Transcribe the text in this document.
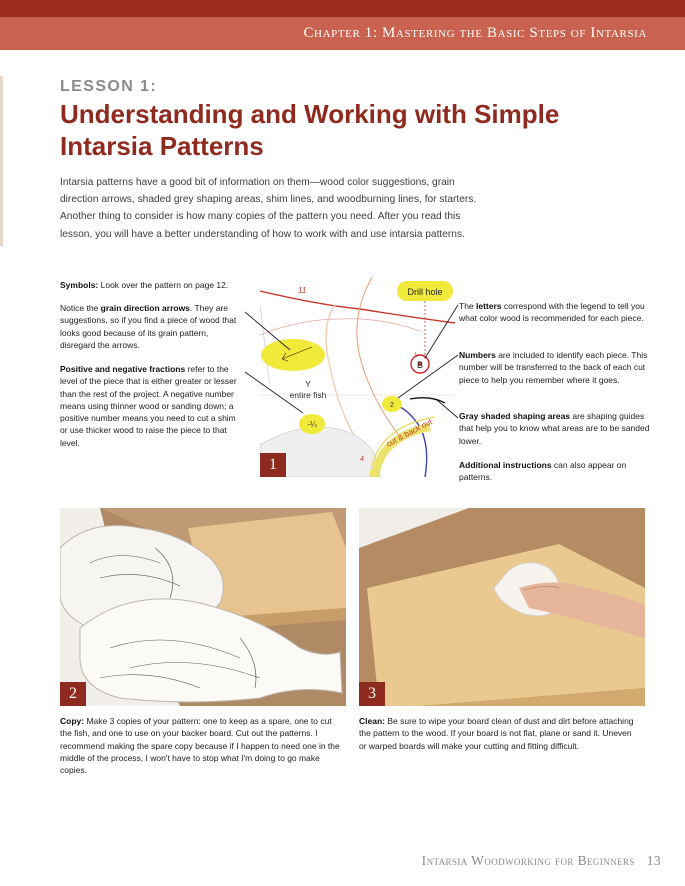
Chapter 1: Mastering the Basic Steps of Intarsia
LESSON 1:
Understanding and Working with Simple Intarsia Patterns
Intarsia patterns have a good bit of information on them—wood color suggestions, grain direction arrows, shaded grey shaping areas, shim lines, and woodburning lines, for starters. Another thing to consider is how many copies of the pattern you need. After you read this lesson, you will have a better understanding of how to work with and use intarsia patterns.
Symbols: Look over the pattern on page 12.
Notice the grain direction arrows. They are suggestions, so if you find a piece of wood that looks good because of its grain pattern, disregard the arrows.
Positive and negative fractions refer to the level of the piece that is either greater or lesser than the rest of the project. A negative number means using thinner wood or sanding down; a positive number means you need to cut a shim or use thicker wood to raise the piece to that level.
The letters correspond with the legend to tell you what color wood is recommended for each piece.
Numbers are included to identify each piece. This number will be transferred to the back of each cut piece to help you remember where it goes.
Gray shaded shaping areas are shaping guides that help you to know what areas are to be sanded lower.
Additional instructions can also appear on patterns.
Drill hole
11
Y
entire fish
-¼
B
1
2
4
cut & back out
1
2	3
Copy: Make 3 copies of your pattern: one to keep as a spare, one to cut the fish, and one to use on your backer board. Cut out the patterns. I recommend making the spare copy because if I happen to need one in the middle of the process, I won't have to stop what I'm doing to go make copies.
Clean: Be sure to wipe your board clean of dust and dirt before attaching the pattern to the wood. If your board is not flat, plane or sand it. Uneven or warped boards will make your cutting and fitting difficult.
Intarsia Woodworking for Beginners 13
